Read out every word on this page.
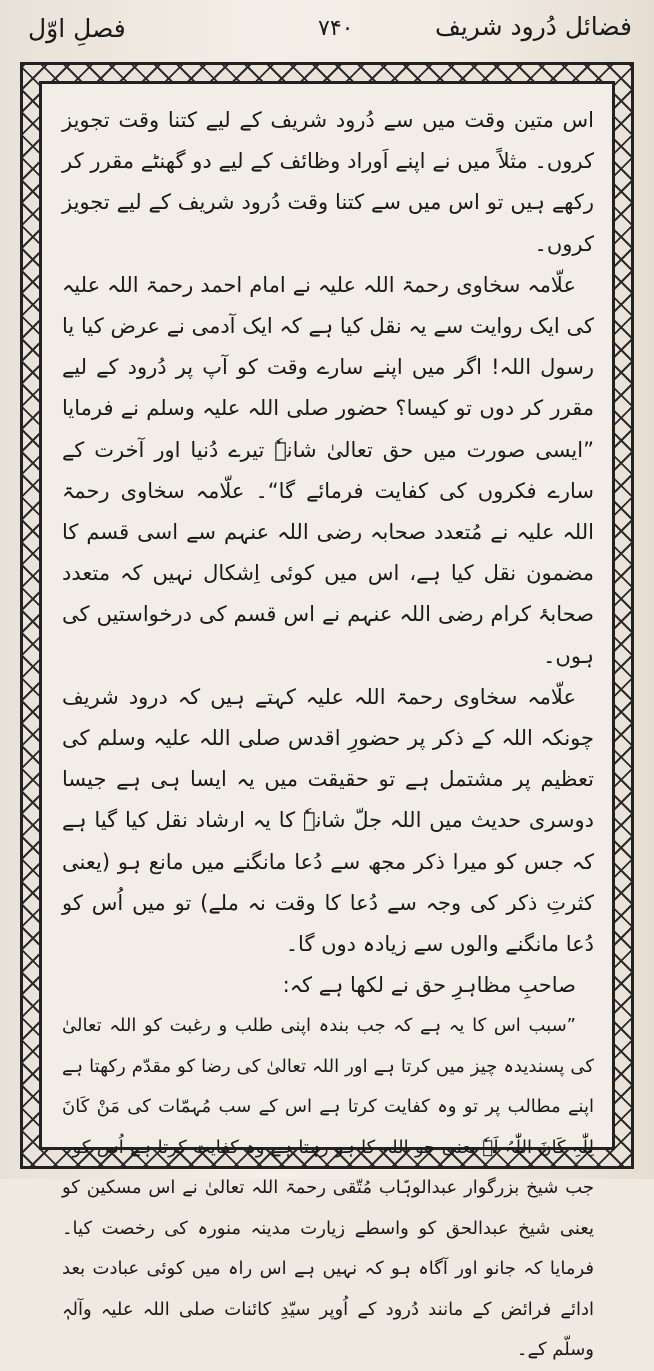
فضائل دُرود شریف
۷۴۰
فصلِ اوّل

اس متین وقت میں سے دُرود شریف کے لیے کتنا وقت تجویز کروں۔ مثلاً میں نے اپنے اَوراد وظائف کے لیے دو گھنٹے مقرر کر رکھے ہیں تو اس میں سے کتنا وقت دُرود شریف کے لیے تجویز کروں۔

علّامہ سخاوی رحمۃ اللہ علیہ نے امام احمد رحمۃ اللہ علیہ کی ایک روایت سے یہ نقل کیا ہے کہ ایک آدمی نے عرض کیا یا رسول اللہ! اگر میں اپنے سارے وقت کو آپ پر دُرود کے لیے مقرر کر دوں تو کیسا؟ حضور صلی اللہ علیہ وسلم نے فرمایا ”ایسی صورت میں حق تعالیٰ شانہٗ تیرے دُنیا اور آخرت کے سارے فکروں کی کفایت فرمائے گا“۔ علّامہ سخاوی رحمۃ اللہ علیہ نے مُتعدد صحابہ رضی اللہ عنہم سے اسی قسم کا مضمون نقل کیا ہے، اس میں کوئی اِشکال نہیں کہ متعدد صحابۂ کرام رضی اللہ عنہم نے اس قسم کی درخواستیں کی ہوں۔

علّامہ سخاوی رحمۃ اللہ علیہ کہتے ہیں کہ درود شریف چونکہ اللہ کے ذکر پر حضورِ اقدس صلی اللہ علیہ وسلم کی تعظیم پر مشتمل ہے تو حقیقت میں یہ ایسا ہی ہے جیسا دوسری حدیث میں اللہ جلّ شانہٗ کا یہ ارشاد نقل کیا گیا ہے کہ جس کو میرا ذکر مجھ سے دُعا مانگنے میں مانع ہو (یعنی کثرتِ ذکر کی وجہ سے دُعا کا وقت نہ ملے) تو میں اُس کو دُعا مانگنے والوں سے زیادہ دوں گا۔

صاحبِ مظاہرِ حق نے لکھا ہے کہ:

”سبب اس کا یہ ہے کہ جب بندہ اپنی طلب و رغبت کو اللہ تعالیٰ کی پسندیدہ چیز میں کرتا ہے اور اللہ تعالیٰ کی رضا کو مقدّم رکھتا ہے اپنے مطالب پر تو وہ کفایت کرتا ہے اس کے سب مُہمّات کی مَنْ کَانَ لِلّٰہِ کَانَ اللّٰہُ لَہٗ یعنی جو اللہ کا ہو رہتا ہے وہ کفایت کرتا ہے اُس کو۔ جب شیخ بزرگوار عبدالوہّاب مُتّقی رحمۃ اللہ تعالیٰ نے اس مسکین کو یعنی شیخ عبدالحق کو واسطے زیارت مدینہ منورہ کی رخصت کیا۔ فرمایا کہ جانو اور آگاہ ہو کہ نہیں ہے اس راہ میں کوئی عبادت بعد ادائے فرائض کے مانند دُرود کے اُوپر سیّدِ کائنات صلی اللہ علیہ وآلہٖ وسلّم کے۔
